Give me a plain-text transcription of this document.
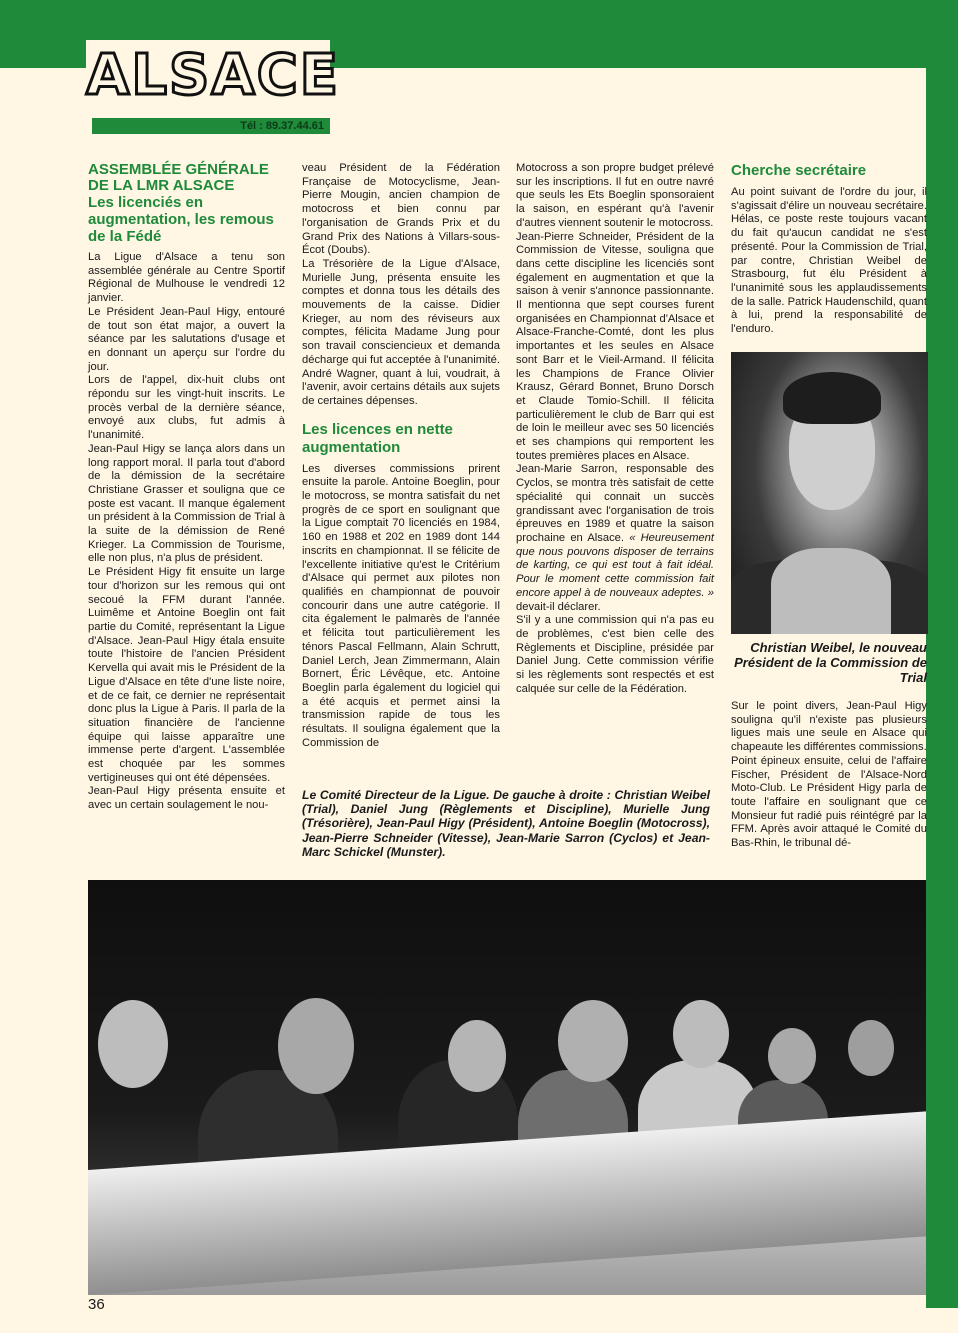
ALSACE
Tél : 89.37.44.61

ASSEMBLÉE GÉNÉRALE DE LA LMR ALSACE

Les licenciés en augmentation, les remous de la Fédé

La Ligue d'Alsace a tenu son assemblée générale au Centre Sportif Régional de Mulhouse le vendredi 12 janvier.

Le Président Jean-Paul Higy, entouré de tout son état major, a ouvert la séance par les salutations d'usage et en donnant un aperçu sur l'ordre du jour.

Lors de l'appel, dix-huit clubs ont répondu sur les vingt-huit inscrits. Le procès verbal de la dernière séance, envoyé aux clubs, fut admis à l'unanimité.

Jean-Paul Higy se lança alors dans un long rapport moral. Il parla tout d'abord de la démission de la secrétaire Christiane Grasser et souligna que ce poste est vacant. Il manque également un président à la Commission de Trial à la suite de la démission de René Krieger. La Commission de Tourisme, elle non plus, n'a plus de président.

Le Président Higy fit ensuite un large tour d'horizon sur les remous qui ont secoué la FFM durant l'année. Luimême et Antoine Boeglin ont fait partie du Comité, représentant la Ligue d'Alsace. Jean-Paul Higy étala ensuite toute l'histoire de l'ancien Président Kervella qui avait mis le Président de la Ligue d'Alsace en tête d'une liste noire, et de ce fait, ce dernier ne représentait donc plus la Ligue à Paris. Il parla de la situation financière de l'ancienne équipe qui laisse apparaître une immense perte d'argent. L'assemblée est choquée par les sommes vertigineuses qui ont été dépensées.

Jean-Paul Higy présenta ensuite et avec un certain soulagement le nou-

veau Président de la Fédération Française de Motocyclisme, Jean-Pierre Mougin, ancien champion de motocross et bien connu par l'organisation de Grands Prix et du Grand Prix des Nations à Villars-sous-Écot (Doubs).

La Trésorière de la Ligue d'Alsace, Murielle Jung, présenta ensuite les comptes et donna tous les détails des mouvements de la caisse. Didier Krieger, au nom des réviseurs aux comptes, félicita Madame Jung pour son travail consciencieux et demanda décharge qui fut acceptée à l'unanimité. André Wagner, quant à lui, voudrait, à l'avenir, avoir certains détails aux sujets de certaines dépenses.

Les licences en nette augmentation

Les diverses commissions prirent ensuite la parole. Antoine Boeglin, pour le motocross, se montra satisfait du net progrès de ce sport en soulignant que la Ligue comptait 70 licenciés en 1984, 160 en 1988 et 202 en 1989 dont 144 inscrits en championnat. Il se félicite de l'excellente initiative qu'est le Critérium d'Alsace qui permet aux pilotes non qualifiés en championnat de pouvoir concourir dans une autre catégorie. Il cita également le palmarès de l'année et félicita tout particulièrement les ténors Pascal Fellmann, Alain Schrutt, Daniel Lerch, Jean Zimmermann, Alain Bornert, Éric Lévêque, etc. Antoine Boeglin parla également du logiciel qui a été acquis et permet ainsi la transmission rapide de tous les résultats. Il souligna également que la Commission de

Motocross a son propre budget prélevé sur les inscriptions. Il fut en outre navré que seuls les Ets Boeglin sponsoraient la saison, en espérant qu'à l'avenir d'autres viennent soutenir le motocross.

Jean-Pierre Schneider, Président de la Commission de Vitesse, souligna que dans cette discipline les licenciés sont également en augmentation et que la saison à venir s'annonce passionnante. Il mentionna que sept courses furent organisées en Championnat d'Alsace et Alsace-Franche-Comté, dont les plus importantes et les seules en Alsace sont Barr et le Vieil-Armand. Il félicita les Champions de France Olivier Krausz, Gérard Bonnet, Bruno Dorsch et Claude Tomio-Schill. Il félicita particulièrement le club de Barr qui est de loin le meilleur avec ses 50 licenciés et ses champions qui remportent les toutes premières places en Alsace.

Jean-Marie Sarron, responsable des Cyclos, se montra très satisfait de cette spécialité qui connait un succès grandissant avec l'organisation de trois épreuves en 1989 et quatre la saison prochaine en Alsace. « Heureusement que nous pouvons disposer de terrains de karting, ce qui est tout à fait idéal. Pour le moment cette commission fait encore appel à de nouveaux adeptes. » devait-il déclarer.

S'il y a une commission qui n'a pas eu de problèmes, c'est bien celle des Règlements et Discipline, présidée par Daniel Jung. Cette commission vérifie si les règlements sont respectés et est calquée sur celle de la Fédération.

Cherche secrétaire

Au point suivant de l'ordre du jour, il s'agissait d'élire un nouveau secrétaire. Hélas, ce poste reste toujours vacant du fait qu'aucun candidat ne s'est présenté. Pour la Commission de Trial, par contre, Christian Weibel de Strasbourg, fut élu Président à l'unanimité sous les applaudissements de la salle. Patrick Haudenschild, quant à lui, prend la responsabilité de l'enduro.

Christian Weibel, le nouveau Président de la Commission de Trial

Sur le point divers, Jean-Paul Higy souligna qu'il n'existe pas plusieurs ligues mais une seule en Alsace qui chapeaute les différentes commissions.

Point épineux ensuite, celui de l'affaire Fischer, Président de l'Alsace-Nord Moto-Club. Le Président Higy parla de toute l'affaire en soulignant que ce Monsieur fut radié puis réintégré par la FFM. Après avoir attaqué le Comité du Bas-Rhin, le tribunal dé-

Le Comité Directeur de la Ligue. De gauche à droite : Christian Weibel (Trial), Daniel Jung (Règlements et Discipline), Murielle Jung (Trésorière), Jean-Paul Higy (Président), Antoine Boeglin (Motocross), Jean-Pierre Schneider (Vitesse), Jean-Marie Sarron (Cyclos) et Jean-Marc Schickel (Munster).
36
